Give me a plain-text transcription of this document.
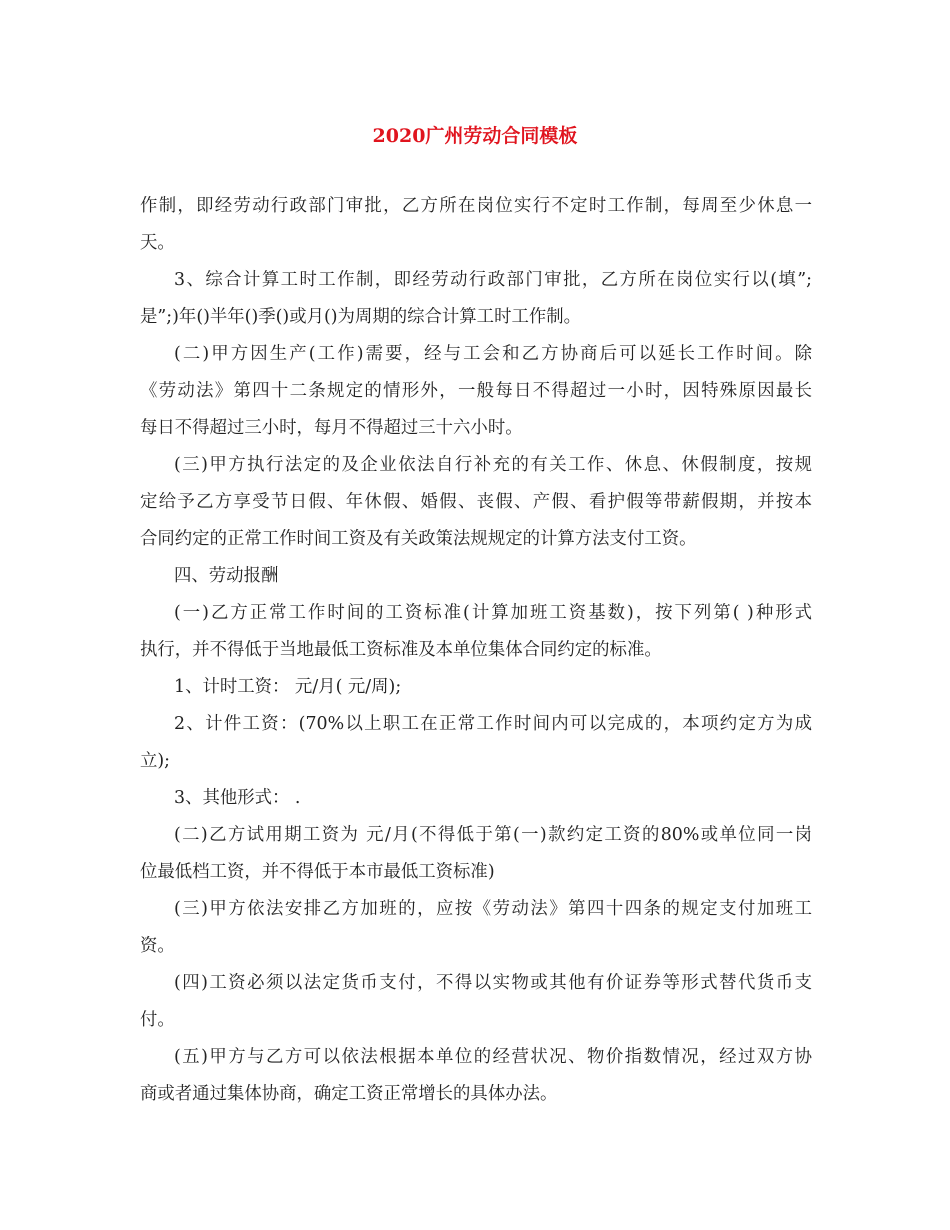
2020广州劳动合同模板
作制，即经劳动行政部门审批，乙方所在岗位实行不定时工作制，每周至少休息一
天。
3、综合计算工时工作制，即经劳动行政部门审批，乙方所在岗位实行以(填”;
是”;)年()半年()季()或月()为周期的综合计算工时工作制。
(二)甲方因生产(工作)需要，经与工会和乙方协商后可以延长工作时间。除
《劳动法》第四十二条规定的情形外，一般每日不得超过一小时，因特殊原因最长
每日不得超过三小时，每月不得超过三十六小时。
(三)甲方执行法定的及企业依法自行补充的有关工作、休息、休假制度，按规
定给予乙方享受节日假、年休假、婚假、丧假、产假、看护假等带薪假期，并按本
合同约定的正常工作时间工资及有关政策法规规定的计算方法支付工资。
四、劳动报酬
(一)乙方正常工作时间的工资标准(计算加班工资基数)，按下列第( )种形式
执行，并不得低于当地最低工资标准及本单位集体合同约定的标准。
1、计时工资： 元/月( 元/周);
2、计件工资：(70%以上职工在正常工作时间内可以完成的，本项约定方为成
立);
3、其他形式： .
(二)乙方试用期工资为 元/月(不得低于第(一)款约定工资的80%或单位同一岗
位最低档工资，并不得低于本市最低工资标准)
(三)甲方依法安排乙方加班的，应按《劳动法》第四十四条的规定支付加班工
资。
(四)工资必须以法定货币支付，不得以实物或其他有价证券等形式替代货币支
付。
(五)甲方与乙方可以依法根据本单位的经营状况、物价指数情况，经过双方协
商或者通过集体协商，确定工资正常增长的具体办法。
